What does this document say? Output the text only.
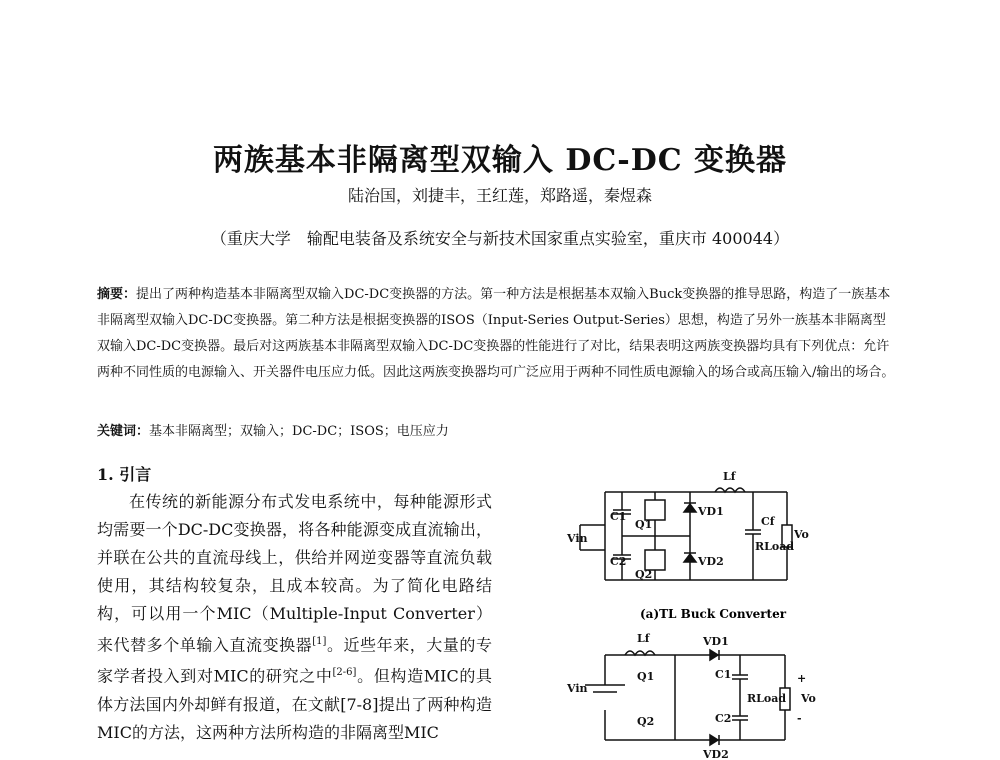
两族基本非隔离型双输入 DC-DC 变换器
陆治国，刘捷丰，王红莲，郑路遥，秦煜森
（重庆大学　输配电装备及系统安全与新技术国家重点实验室，重庆市 400044）
摘要：提出了两种构造基本非隔离型双输入DC-DC变换器的方法。第一种方法是根据基本双输入Buck变换器的推导思路，构造了一族基本非隔离型双输入DC-DC变换器。第二种方法是根据变换器的ISOS（Input-Series Output-Series）思想，构造了另外一族基本非隔离型双输入DC-DC变换器。最后对这两族基本非隔离型双输入DC-DC变换器的性能进行了对比，结果表明这两族变换器均具有下列优点：允许两种不同性质的电源输入、开关器件电压应力低。因此这两族变换器均可广泛应用于两种不同性质电源输入的场合或高压输入/输出的场合。
关键词：基本非隔离型；双输入；DC-DC；ISOS；电压应力
1. 引言

在传统的新能源分布式发电系统中，每种能源形式均需要一个DC-DC变换器，将各种能源变成直流输出，并联在公共的直流母线上，供给并网逆变器等直流负载使用，其结构较复杂，且成本较高。为了简化电路结构，可以用一个MIC（Multiple-Input Converter）来代替多个单输入直流变换器[1]。近些年来，大量的专家学者投入到对MIC的研究之中[2-6]。但构造MIC的具体方法国内外却鲜有报道，在文献[7-8]提出了两种构造MIC的方法，这两种方法所构造的非隔离型MIC

Vin
C1
C2
Q1
Q2
VD1
VD2
Lf
Cf
RLoad
Vo
(a)TL Buck Converter
Vin
Lf	VD1
VD2
Q1
Q2
C1
C2
RLoad Vo
+
-
